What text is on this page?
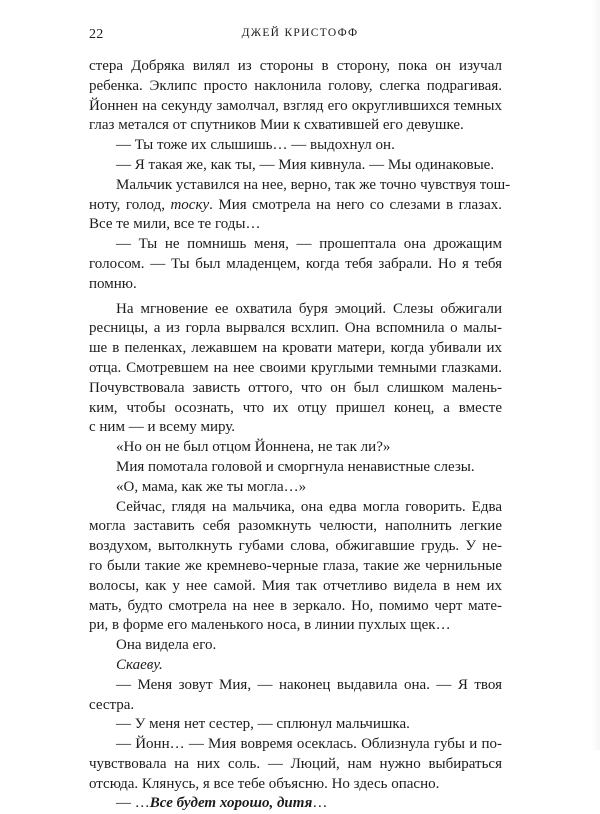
22	ДЖЕЙ КРИСТОФФ
стера Добряка вилял из стороны в сторону, пока он изучал
ребенка. Эклипс просто наклонила голову, слегка подрагивая.
Йоннен на секунду замолчал, взгляд его округлившихся темных
глаз метался от спутников Мии к схватившей его девушке.
— Ты тоже их слышишь… — выдохнул он.
— Я такая же, как ты, — Мия кивнула. — Мы одинаковые.
Мальчик уставился на нее, верно, так же точно чувствуя тош-
ноту, голод, тоску. Мия смотрела на него со слезами в глазах.
Все те мили, все те годы…
— Ты не помнишь меня, — прошептала она дрожащим
голосом. — Ты был младенцем, когда тебя забрали. Но я тебя
помню.
На мгновение ее охватила буря эмоций. Слезы обжигали
ресницы, а из горла вырвался всхлип. Она вспомнила о малы-
ше в пеленках, лежавшем на кровати матери, когда убивали их
отца. Смотревшем на нее своими круглыми темными глазками.
Почувствовала зависть оттого, что он был слишком малень-
ким, чтобы осознать, что их отцу пришел конец, а вместе
с ним — и всему миру.
«Но он не был отцом Йоннена, не так ли?»
Мия помотала головой и сморгнула ненавистные слезы.
«О, мама, как же ты могла…»
Сейчас, глядя на мальчика, она едва могла говорить. Едва
могла заставить себя разомкнуть челюсти, наполнить легкие
воздухом, вытолкнуть губами слова, обжигавшие грудь. У не-
го были такие же кремнево-черные глаза, такие же чернильные
волосы, как у нее самой. Мия так отчетливо видела в нем их
мать, будто смотрела на нее в зеркало. Но, помимо черт мате-
ри, в форме его маленького носа, в линии пухлых щек…
Она видела его.
Скаеву.
— Меня зовут Мия, — наконец выдавила она. — Я твоя
сестра.
— У меня нет сестер, — сплюнул мальчишка.
— Йонн… — Мия вовремя осеклась. Облизнула губы и по-
чувствовала на них соль. — Люций, нам нужно выбираться
отсюда. Клянусь, я все тебе объясню. Но здесь опасно.
— …Все будет хорошо, дитя…
